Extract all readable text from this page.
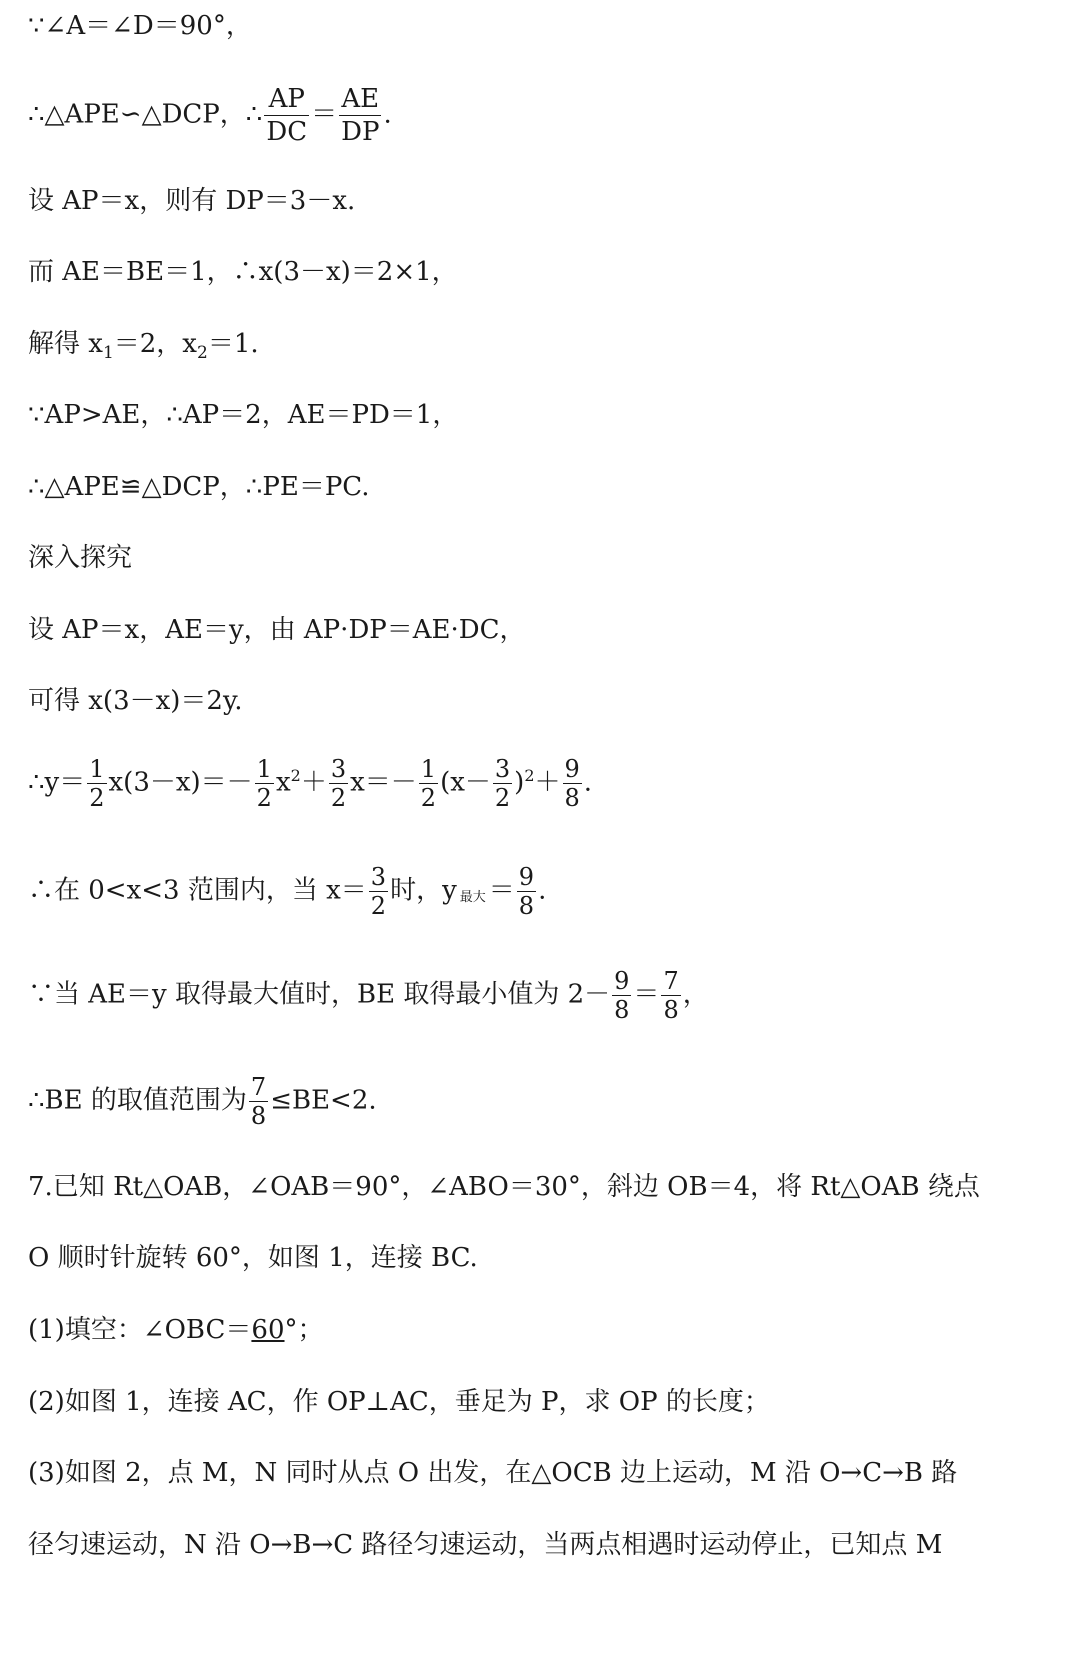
∵∠A＝∠D＝90°，
∴△APE∽△DCP，∴ $\frac{AP}{DC} = \frac{AE}{DP}$ .
设 AP＝x，则有 DP＝3－x.
而 AE＝BE＝1，∴x(3－x)＝2×1，
解得 $x_1=2$，$x_2=1$.
∵AP>AE，∴AP＝2，AE＝PD＝1，
∴△APE≌△DCP，∴PE＝PC.
深入探究
设 AP＝x，AE＝y，由 AP·DP＝AE·DC，
可得 x(3－x)＝2y.
∴y＝ $\frac{1}{2} x(3-x)=- \frac{1}{2} x^2+ \frac{3}{2} x=- \frac{1}{2} (x- \frac{3}{2} )^2+ \frac{9}{8}$ .
∴在 0<x<3 范围内，当 $x= \frac{3}{2}$ 时，y 最大 ＝ $\frac{9}{8}$ .
∵当 AE＝y 取得最大值时，BE 取得最小值为 $2- \frac{9}{8} = \frac{7}{8}$ ，
∴BE 的取值范围为 $\frac{7}{8} \le BE<2$.
7.已知 Rt△OAB，∠OAB＝90°，∠ABO＝30°，斜边 OB＝4，将 Rt△OAB 绕点
O 顺时针旋转 60°，如图 1，连接 BC.
(1)填空：∠OBC＝60°；
(2)如图 1，连接 AC，作 OP⊥AC，垂足为 P，求 OP 的长度；
(3)如图 2，点 M，N 同时从点 O 出发，在△OCB 边上运动，M 沿 O→C→B 路
径匀速运动，N 沿 O→B→C 路径匀速运动，当两点相遇时运动停止，已知点 M
